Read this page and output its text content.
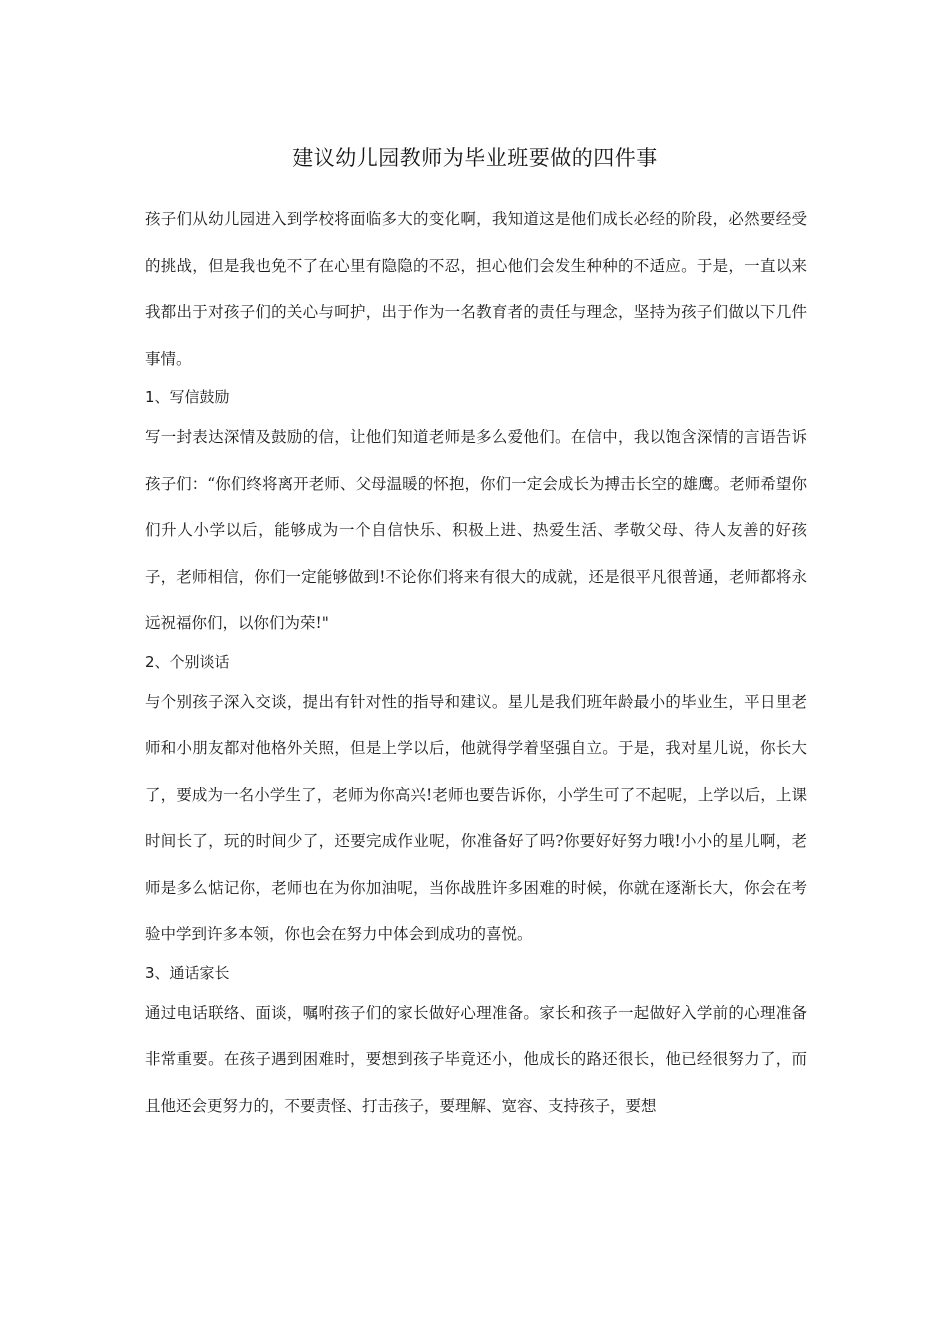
建议幼儿园教师为毕业班要做的四件事

孩子们从幼儿园进入到学校将面临多大的变化啊，我知道这是他们成长必经的阶段，必然要经受的挑战，但是我也免不了在心里有隐隐的不忍，担心他们会发生种种的不适应。于是，一直以来我都出于对孩子们的关心与呵护，出于作为一名教育者的责任与理念，坚持为孩子们做以下几件事情。

1、写信鼓励

写一封表达深情及鼓励的信，让他们知道老师是多么爱他们。在信中，我以饱含深情的言语告诉孩子们：“你们终将离开老师、父母温暖的怀抱，你们一定会成长为搏击长空的雄鹰。老师希望你们升人小学以后，能够成为一个自信快乐、积极上进、热爱生活、孝敬父母、待人友善的好孩子，老师相信，你们一定能够做到!不论你们将来有很大的成就，还是很平凡很普通，老师都将永远祝福你们，以你们为荣!"

2、个别谈话

与个别孩子深入交谈，提出有针对性的指导和建议。星儿是我们班年龄最小的毕业生，平日里老师和小朋友都对他格外关照，但是上学以后，他就得学着坚强自立。于是，我对星儿说，你长大了，要成为一名小学生了，老师为你高兴!老师也要告诉你，小学生可了不起呢，上学以后，上课时间长了，玩的时间少了，还要完成作业呢，你准备好了吗?你要好好努力哦!小小的星儿啊，老师是多么惦记你，老师也在为你加油呢，当你战胜许多困难的时候，你就在逐渐长大，你会在考验中学到许多本领，你也会在努力中体会到成功的喜悦。

3、通话家长

通过电话联络、面谈，嘱咐孩子们的家长做好心理准备。家长和孩子一起做好入学前的心理准备非常重要。在孩子遇到困难时，要想到孩子毕竟还小，他成长的路还很长，他已经很努力了，而且他还会更努力的，不要责怪、打击孩子，要理解、宽容、支持孩子，要想
